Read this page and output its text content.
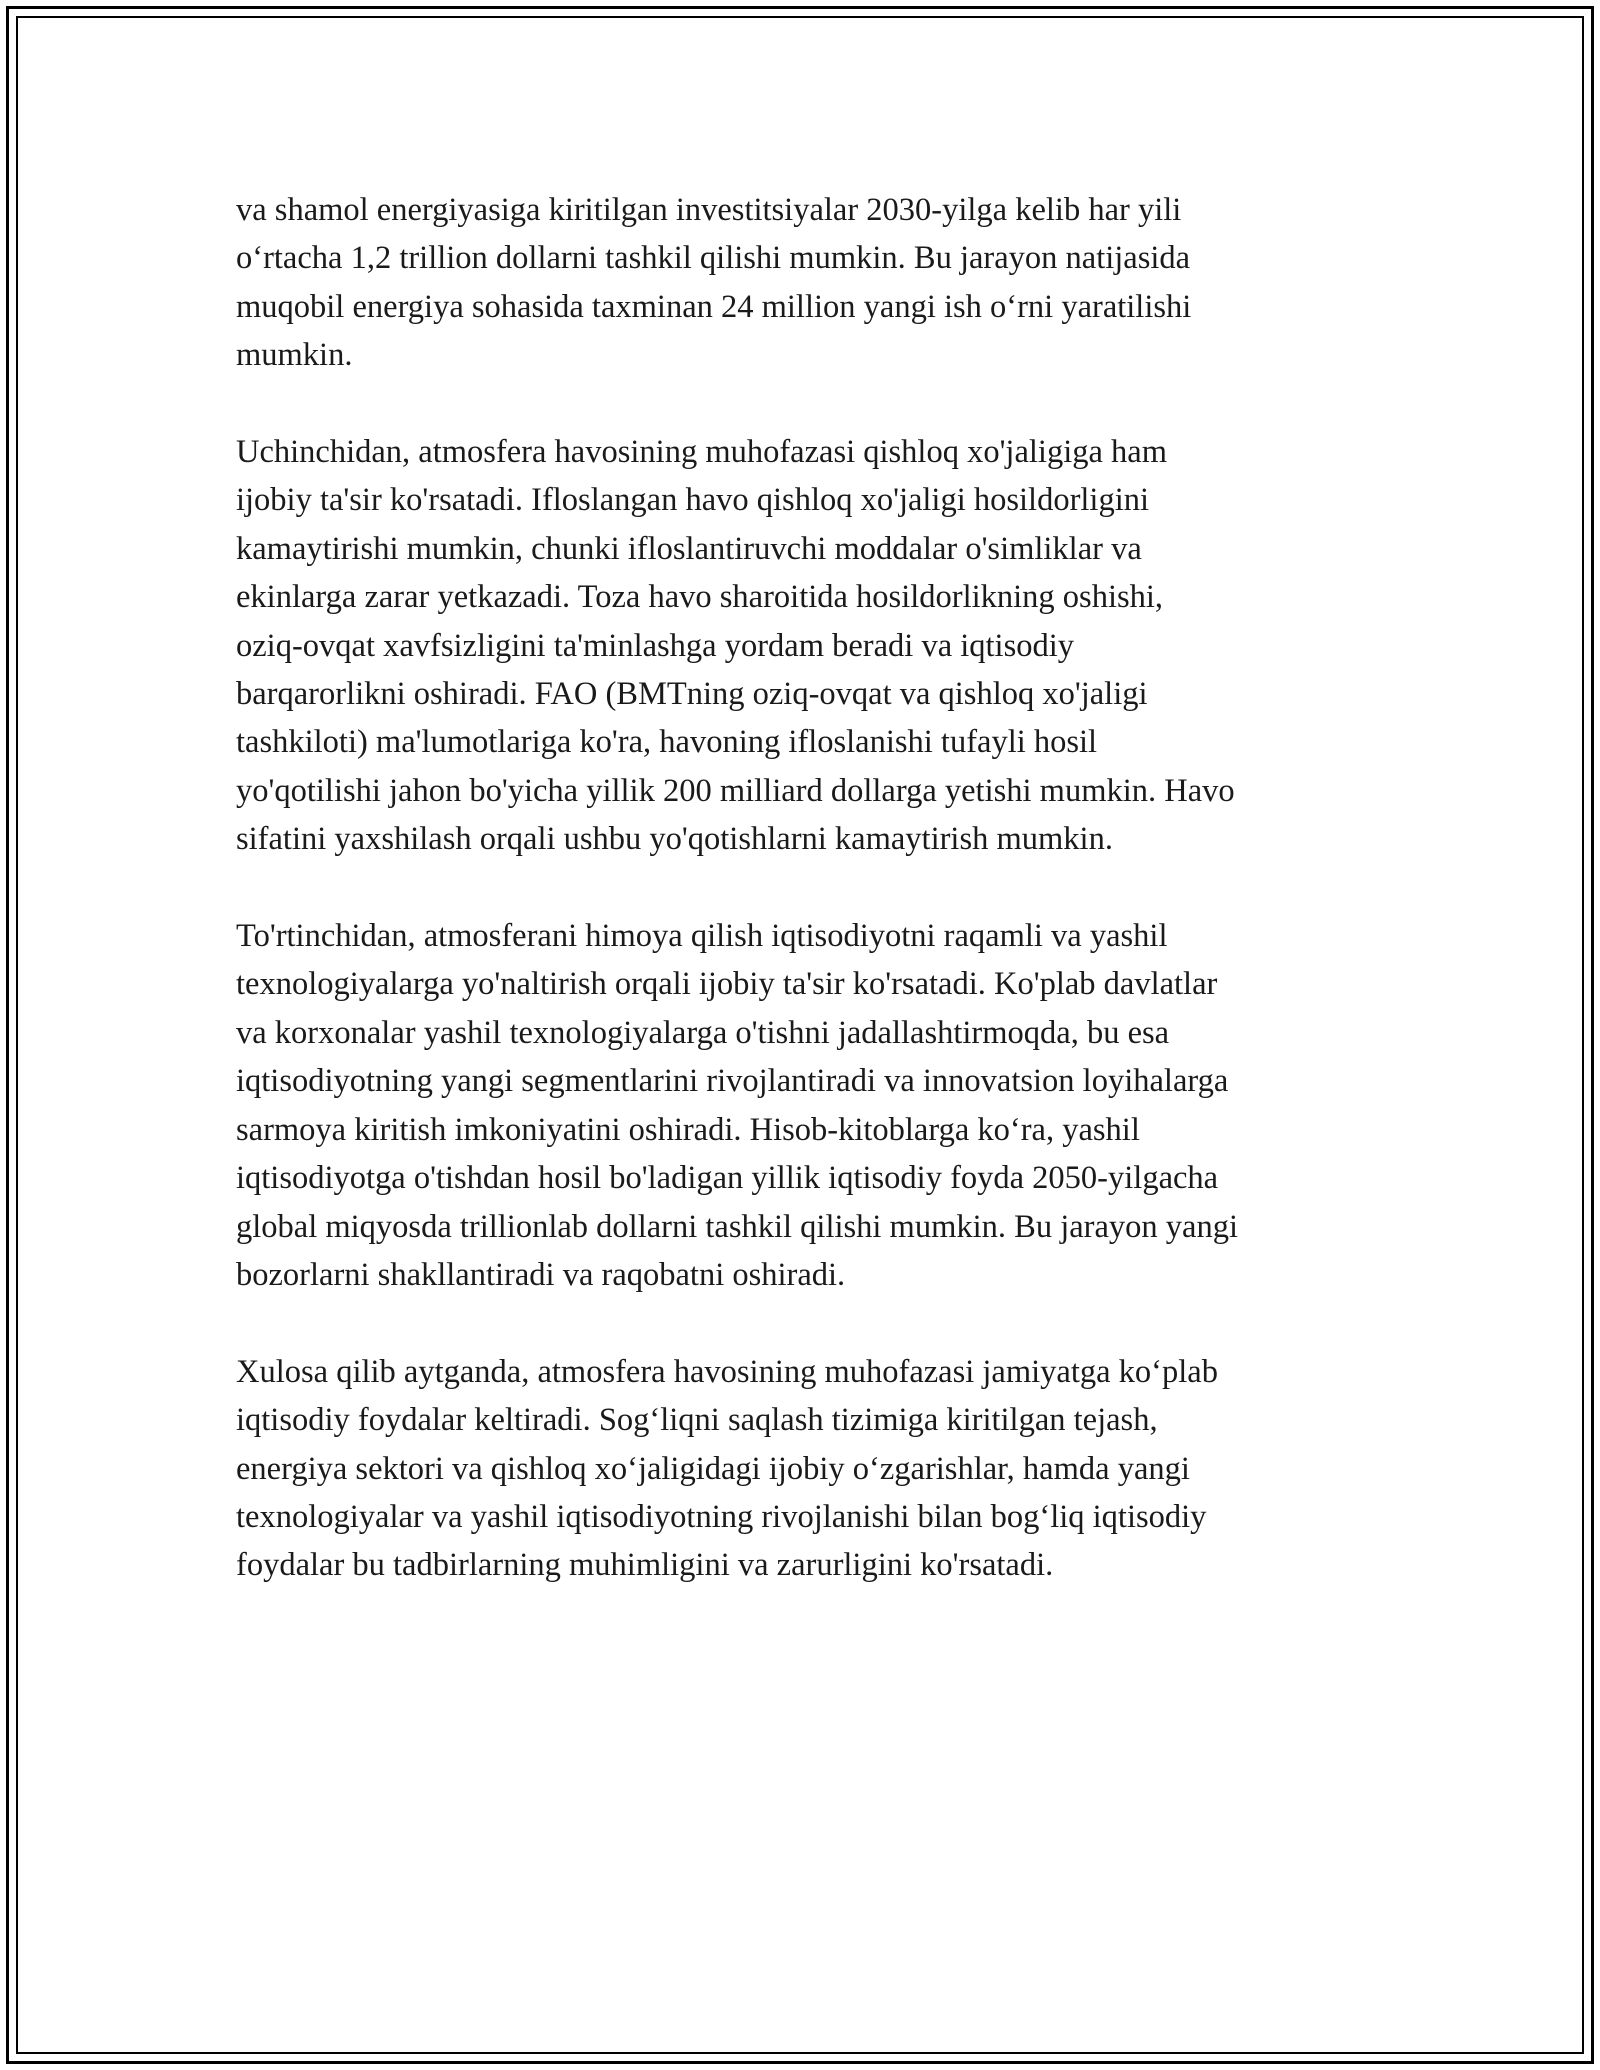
va shamol energiyasiga kiritilgan investitsiyalar 2030-yilga kelib har yili
oʻrtacha 1,2 trillion dollarni tashkil qilishi mumkin. Bu jarayon natijasida
muqobil energiya sohasida taxminan 24 million yangi ish oʻrni yaratilishi
mumkin.
Uchinchidan, atmosfera havosining muhofazasi qishloq xo'jaligiga ham
ijobiy ta'sir ko'rsatadi. Ifloslangan havo qishloq xo'jaligi hosildorligini
kamaytirishi mumkin, chunki ifloslantiruvchi moddalar o'simliklar va
ekinlarga zarar yetkazadi. Toza havo sharoitida hosildorlikning oshishi,
oziq-ovqat xavfsizligini ta'minlashga yordam beradi va iqtisodiy
barqarorlikni oshiradi. FAO (BMTning oziq-ovqat va qishloq xo'jaligi
tashkiloti) ma'lumotlariga ko'ra, havoning ifloslanishi tufayli hosil
yo'qotilishi jahon bo'yicha yillik 200 milliard dollarga yetishi mumkin. Havo
sifatini yaxshilash orqali ushbu yo'qotishlarni kamaytirish mumkin.
To'rtinchidan, atmosferani himoya qilish iqtisodiyotni raqamli va yashil
texnologiyalarga yo'naltirish orqali ijobiy ta'sir ko'rsatadi. Ko'plab davlatlar
va korxonalar yashil texnologiyalarga o'tishni jadallashtirmoqda, bu esa
iqtisodiyotning yangi segmentlarini rivojlantiradi va innovatsion loyihalarga
sarmoya kiritish imkoniyatini oshiradi. Hisob-kitoblarga koʻra, yashil
iqtisodiyotga o'tishdan hosil bo'ladigan yillik iqtisodiy foyda 2050-yilgacha
global miqyosda trillionlab dollarni tashkil qilishi mumkin. Bu jarayon yangi
bozorlarni shakllantiradi va raqobatni oshiradi.
Xulosa qilib aytganda, atmosfera havosining muhofazasi jamiyatga koʻplab
iqtisodiy foydalar keltiradi. Sogʻliqni saqlash tizimiga kiritilgan tejash,
energiya sektori va qishloq xoʻjaligidagi ijobiy oʻzgarishlar, hamda yangi
texnologiyalar va yashil iqtisodiyotning rivojlanishi bilan bogʻliq iqtisodiy
foydalar bu tadbirlarning muhimligini va zarurligini ko'rsatadi.
